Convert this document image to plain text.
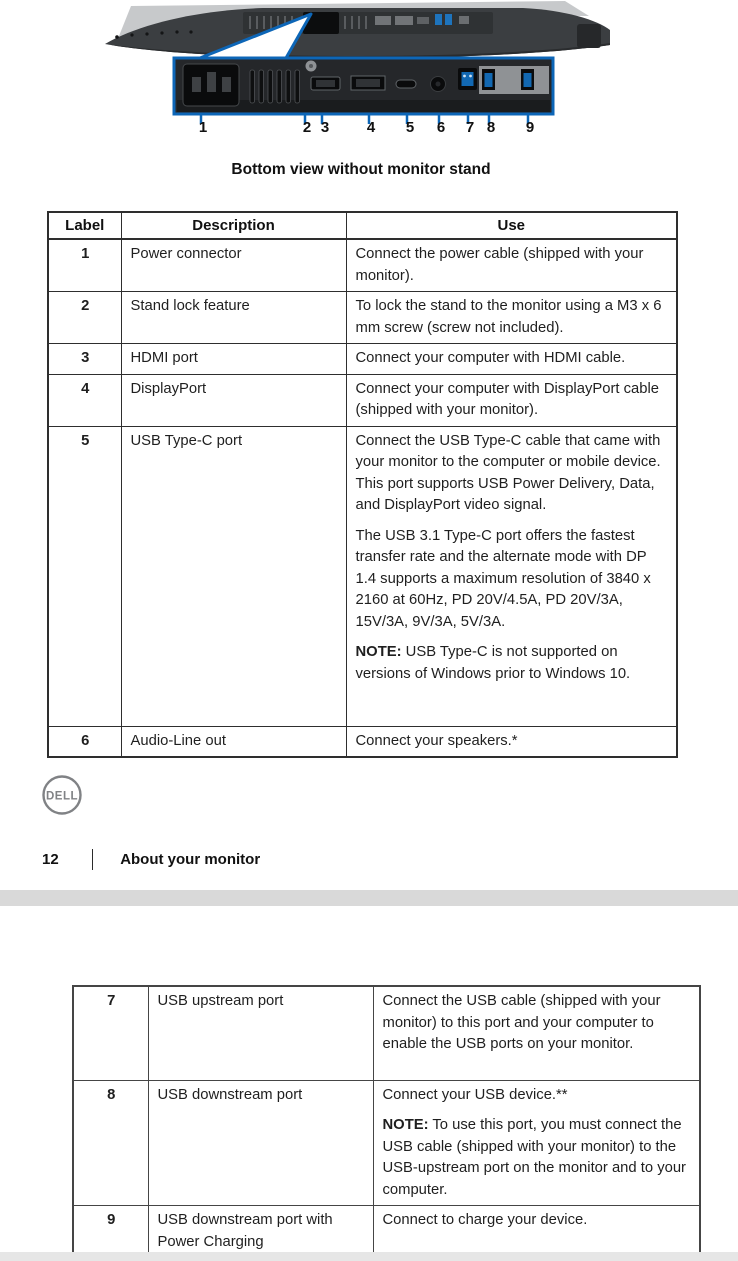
1	2 3	4 5 6 7 8 9
Bottom view without monitor stand
Label	Description	Use
1	Power connector	Connect the power cable (shipped with your monitor).

2	Stand lock feature	To lock the stand to the monitor using a M3 x 6 mm screw (screw not included).

3	HDMI port	Connect your computer with HDMI cable.

4	DisplayPort	Connect your computer with DisplayPort cable (shipped with your monitor).

5	USB Type-C port	Connect the USB Type-C cable that came with your monitor to the computer or mobile device. This port supports USB Power Delivery, Data, and DisplayPort video signal.

The USB 3.1 Type-C port offers the fastest transfer rate and the alternate mode with DP 1.4 supports a maximum resolution of 3840 x 2160 at 60Hz, PD 20V/4.5A, PD 20V/3A, 15V/3A, 9V/3A, 5V/3A.

NOTE: USB Type-C is not supported on versions of Windows prior to Windows 10.

6	Audio-Line out	Connect your speakers.*

DELL
12	About your monitor
7	USB upstream port	Connect the USB cable (shipped with your monitor) to this port and your computer to enable the USB ports on your monitor.

8	USB downstream port	Connect your USB device.**

NOTE: To use this port, you must connect the USB cable (shipped with your monitor) to the USB-upstream port on the monitor and to your computer.

9	USB downstream port with Power Charging	Connect to charge your device.
